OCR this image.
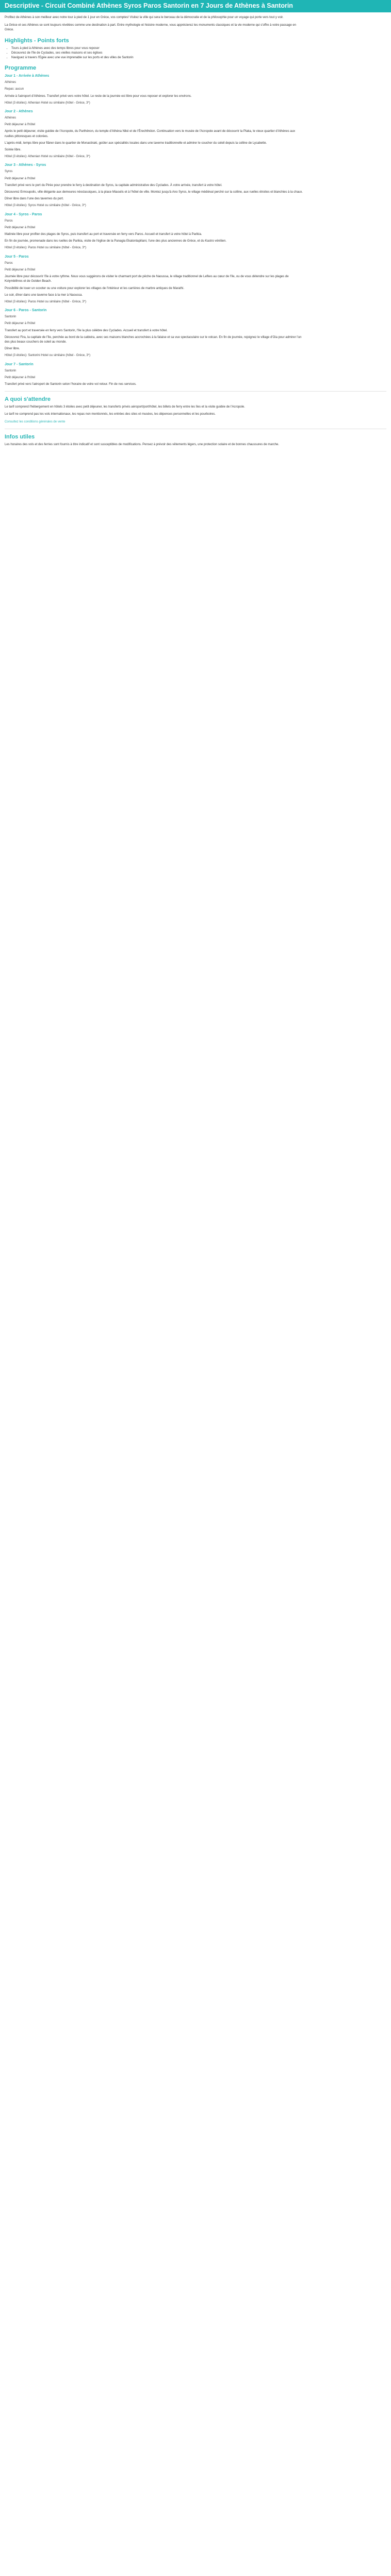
Descriptive - Circuit Combiné Athènes Syros Paros Santorin en 7 Jours de Athènes à Santorin

Profitez de Athènes à son meilleur avec notre tour à pied de 1 jour en Grèce, vos comptes! Visitez la ville qui sera le berceau de la démocratie et de la philosophie pour un voyage qui porte vers tout y voir.

La Grèce et ses Athènes se sont toujours révélées comme une destination à part. Entre mythologie et histoire moderne, vous apprécierez les monuments classiques et la vie moderne qui s'offre à votre passage en Grèce.

Highlights - Points forts
• Tours à pied à Athènes avec des temps libres pour vous reposer
• Découvrez de l'île de Cyclades, ses vieilles maisons et ses églises
• Naviguez à travers l'Egée avec une vue imprenable sur les ports et des villes de Santorin
Programme
Jour 1 - Arrivée à Athènes
Athènes
Repas: aucun

Arrivée à l'aéroport d'Athènes. Transfert privé vers votre hôtel. Le reste de la journée est libre pour vous reposer et explorer les environs.

Hôtel (3 étoiles): Athenian Hotel ou similaire (hôtel - Grèce, 3*)
Jour 2 - Athènes
Athènes
Petit déjeuner à l'hôtel

Après le petit déjeuner, visite guidée de l'Acropole, du Parthénon, du temple d'Athéna Niké et de l'Érechthéion. Continuation vers le musée de l'Acropole avant de découvrir la Plaka, le vieux quartier d'Athènes aux ruelles pittoresques et colorées.

L'après-midi, temps libre pour flâner dans le quartier de Monastiraki, goûter aux spécialités locales dans une taverne traditionnelle et admirer le coucher du soleil depuis la colline de Lycabette.

Soirée libre.

Hôtel (3 étoiles): Athenian Hotel ou similaire (hôtel - Grèce, 3*)
Jour 3 - Athènes - Syros
Syros
Petit déjeuner à l'hôtel

Transfert privé vers le port du Pirée pour prendre le ferry à destination de Syros, la capitale administrative des Cyclades. À votre arrivée, transfert à votre hôtel.

Découvrez Ermoupolis, ville élégante aux demeures néoclassiques, à la place Miaoulis et à l'hôtel de ville. Montez jusqu'à Ano Syros, le village médiéval perché sur la colline, aux ruelles étroites et blanchies à la chaux.

Dîner libre dans l'une des tavernes du port.

Hôtel (3 étoiles): Syros Hotel ou similaire (hôtel - Grèce, 3*)
Jour 4 - Syros - Paros
Paros
Petit déjeuner à l'hôtel

Matinée libre pour profiter des plages de Syros, puis transfert au port et traversée en ferry vers Paros. Accueil et transfert à votre hôtel à Parikia.

En fin de journée, promenade dans les ruelles de Parikia, visite de l'église de la Panagia Ekatontapiliani, l'une des plus anciennes de Grèce, et du Kastro vénitien.

Hôtel (3 étoiles): Paros Hotel ou similaire (hôtel - Grèce, 3*)
Jour 5 - Paros
Paros
Petit déjeuner à l'hôtel

Journée libre pour découvrir l'île à votre rythme. Nous vous suggérons de visiter le charmant port de pêche de Naoussa, le village traditionnel de Lefkes au cœur de l'île, ou de vous détendre sur les plages de Kolymbithres et de Golden Beach.

Possibilité de louer un scooter ou une voiture pour explorer les villages de l'intérieur et les carrières de marbre antiques de Marathi.

Le soir, dîner dans une taverne face à la mer à Naoussa.

Hôtel (3 étoiles): Paros Hotel ou similaire (hôtel - Grèce, 3*)
Jour 6 - Paros - Santorin
Santorin
Petit déjeuner à l'hôtel

Transfert au port et traversée en ferry vers Santorin, l'île la plus célèbre des Cyclades. Accueil et transfert à votre hôtel.

Découvrez Fira, la capitale de l'île, perchée au bord de la caldeira, avec ses maisons blanches accrochées à la falaise et sa vue spectaculaire sur le volcan. En fin de journée, rejoignez le village d'Oia pour admirer l'un des plus beaux couchers de soleil au monde.

Dîner libre.

Hôtel (3 étoiles): Santorini Hotel ou similaire (hôtel - Grèce, 3*)
Jour 7 - Santorin
Santorin
Petit déjeuner à l'hôtel

Transfert privé vers l'aéroport de Santorin selon l'horaire de votre vol retour. Fin de nos services.

A quoi s'attendre

Le tarif comprend l'hébergement en hôtels 3 étoiles avec petit déjeuner, les transferts privés aéroport/port/hôtel, les billets de ferry entre les îles et la visite guidée de l'Acropole.

Le tarif ne comprend pas les vols internationaux, les repas non mentionnés, les entrées des sites et musées, les dépenses personnelles et les pourboires.

Consultez les conditions générales de vente

Infos utiles

Les horaires des vols et des ferries sont fournis à titre indicatif et sont susceptibles de modifications. Pensez à prévoir des vêtements légers, une protection solaire et de bonnes chaussures de marche.
